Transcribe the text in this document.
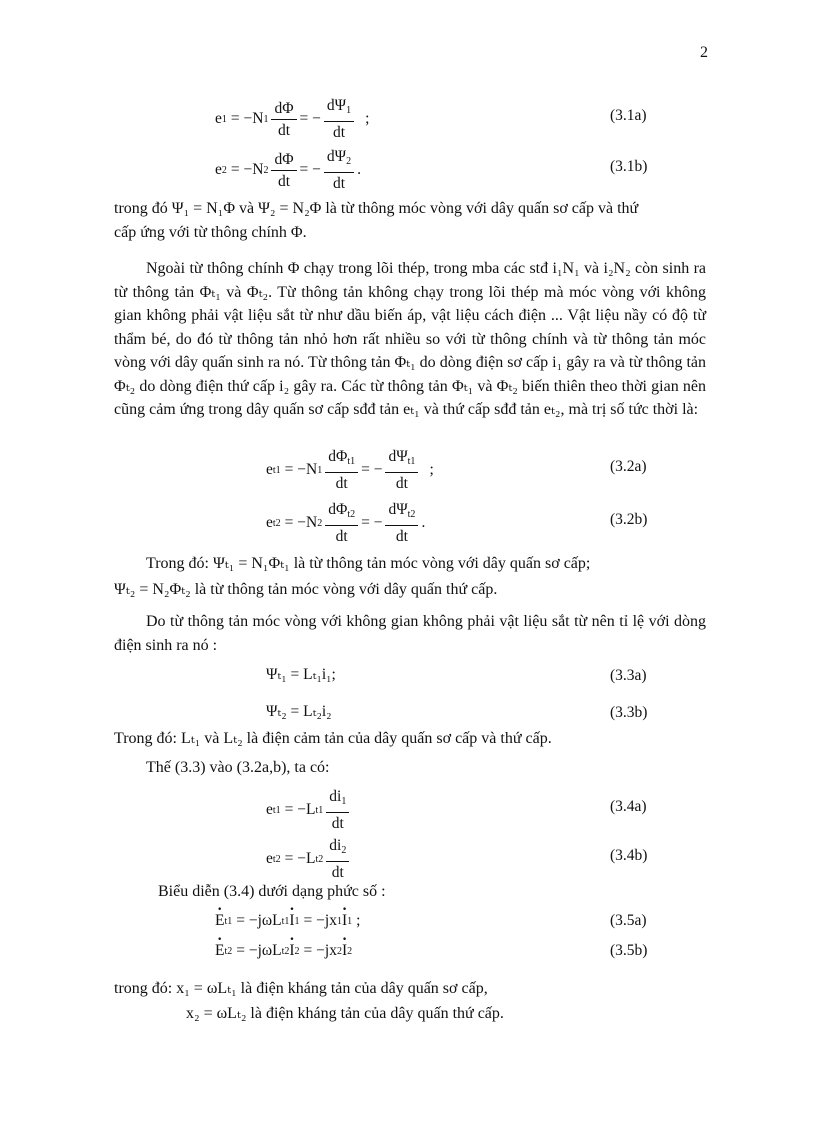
2
e 1 = −N $1 \frac{d\Phi}{dt}$ = − $\frac{d\Psi_1}{dt}$ ;	(3.1a)
e 2 = −N $2 \frac{d\Phi}{dt}$ = − $\frac{d\Psi_2}{dt}$ .	(3.1b)
trong đó Ψ₁ = N₁Φ và Ψ₂ = N₂Φ là từ thông móc vòng với dây quấn sơ cấp và thứ
cấp ứng với từ thông chính Φ.
Ngoài từ thông chính Φ chạy trong lõi thép, trong mba các stđ i₁N₁ và i₂N₂ còn sinh ra từ thông tản Φₜ₁ và Φₜ₂. Từ thông tản không chạy trong lõi thép mà móc vòng với không gian không phải vật liệu sắt từ như dầu biến áp, vật liệu cách điện ... Vật liệu nầy có độ từ thẩm bé, do đó từ thông tản nhỏ hơn rất nhiều so với từ thông chính và từ thông tản móc vòng với dây quấn sinh ra nó. Từ thông tản Φₜ₁ do dòng điện sơ cấp i₁ gây ra và từ thông tản Φₜ₂ do dòng điện thứ cấp i₂ gây ra. Các từ thông tản Φₜ₁ và Φₜ₂ biến thiên theo thời gian nên cũng cảm ứng trong dây quấn sơ cấp sđđ tản eₜ₁ và thứ cấp sđđ tản eₜ₂, mà trị số tức thời là:
e t1 = −N $1 \frac{d\Phi_{t1}}{dt}$ = − $\frac{d\Psi_{t1}}{dt}$ ;	(3.2a)
e t2 = −N $2 \frac{d\Phi_{t2}}{dt}$ = − $\frac{d\Psi_{t2}}{dt}$ .	(3.2b)
Trong đó: Ψₜ₁ = N₁Φₜ₁ là từ thông tản móc vòng với dây quấn sơ cấp;
Ψₜ₂ = N₂Φₜ₂ là từ thông tản móc vòng với dây quấn thứ cấp.
Do từ thông tản móc vòng với không gian không phải vật liệu sắt từ nên tỉ lệ với dòng điện sinh ra nó :
Ψₜ₁ = Lₜ₁i₁;	(3.3a)
Ψₜ₂ = Lₜ₂i₂	(3.3b)
Trong đó: Lₜ₁ và Lₜ₂ là điện cảm tản của dây quấn sơ cấp và thứ cấp.
Thế (3.3) vào (3.2a,b), ta có:
e t1 = −L $t1 \frac{di_1}{dt}$	(3.4a)
e t2 = −L $t2 \frac{di_2}{dt}$	(3.4b)
Biểu diễn (3.4) dưới dạng phức số :
· E t1 = −jωL t1 · I 1 = −jx 1 · I 1 ;	(3.5a)
· E t2 = −jωL t2 · I 2 = −jx 2 · I 2	(3.5b)
trong đó: x₁ = ωLₜ₁ là điện kháng tản của dây quấn sơ cấp,
x₂ = ωLₜ₂ là điện kháng tản của dây quấn thứ cấp.
